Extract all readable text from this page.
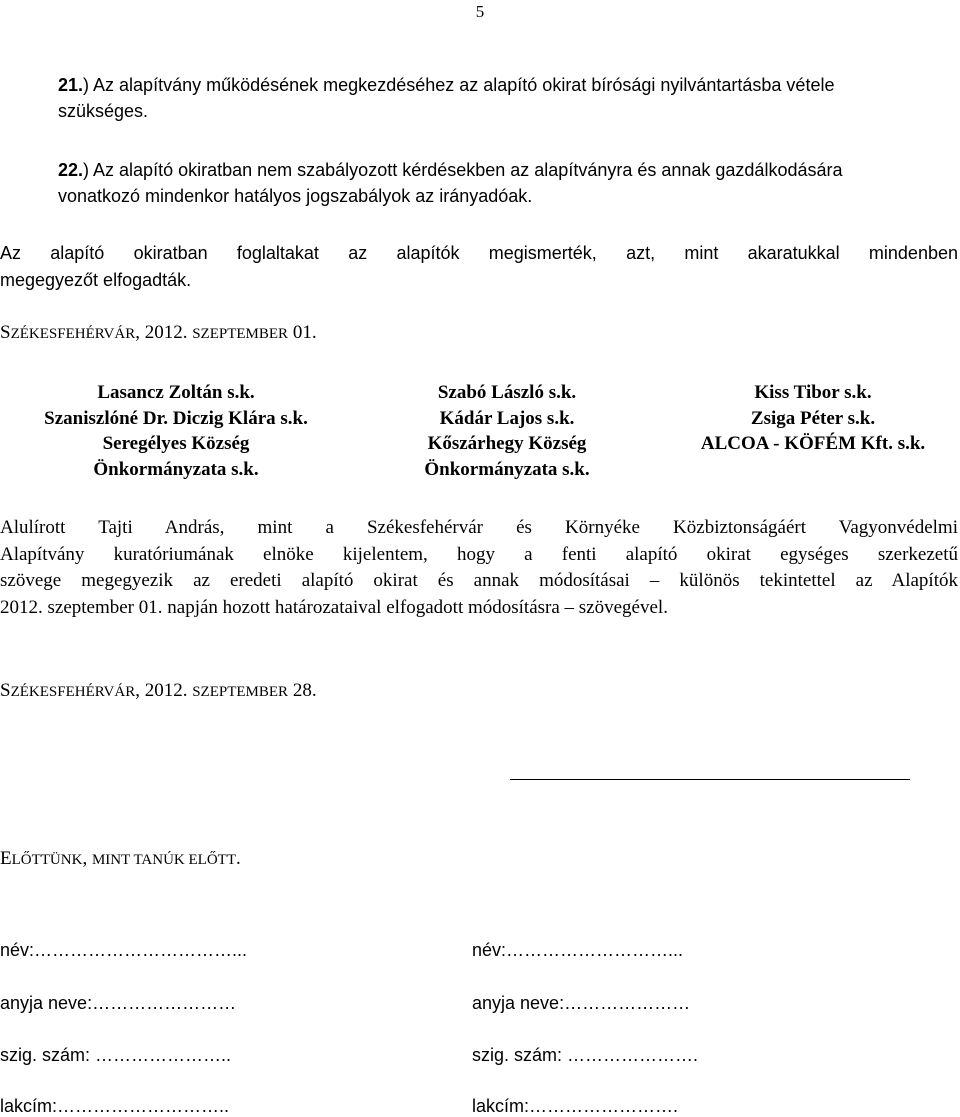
5

21.) Az alapítvány működésének megkezdéséhez az alapító okirat bírósági nyilvántartásba vétele

szükséges.

22.) Az alapító okiratban nem szabályozott kérdésekben az alapítványra és annak gazdálkodására

vonatkozó mindenkor hatályos jogszabályok az irányadóak.

Az alapító okiratban foglaltakat az alapítók megismerték, azt, mint akaratukkal mindenben

megegyezőt elfogadták.

SZÉKESFEHÉRVÁR, 2012. SZEPTEMBER 01.
Lasancz Zoltán s.k.
Szaniszlóné Dr. Diczig Klára s.k.
Seregélyes Község
Önkormányzata s.k.
Szabó László s.k.
Kádár Lajos s.k.
Kőszárhegy Község
Önkormányzata s.k.
Kiss Tibor s.k.
Zsiga Péter s.k.
ALCOA - KÖFÉM Kft. s.k.
Alulírott Tajti András, mint a Székesfehérvár és Környéke Közbiztonságáért Vagyonvédelmi
Alapítvány kuratóriumának elnöke kijelentem, hogy a fenti alapító okirat egységes szerkezetű
szövege megegyezik az eredeti alapító okirat és annak módosításai – különös tekintettel az Alapítók
2012. szeptember 01. napján hozott határozataival elfogadott módosításra – szövegével.
SZÉKESFEHÉRVÁR, 2012. SZEPTEMBER 28.
ELŐTTÜNK, MINT TANÚK ELŐTT.
név:……………………………...
anyja neve:……………………
szig. szám: …………………..
lakcím:………………………..
név:………………………...
anyja neve:…………………
szig. szám: ………………….
lakcím:…………………….
